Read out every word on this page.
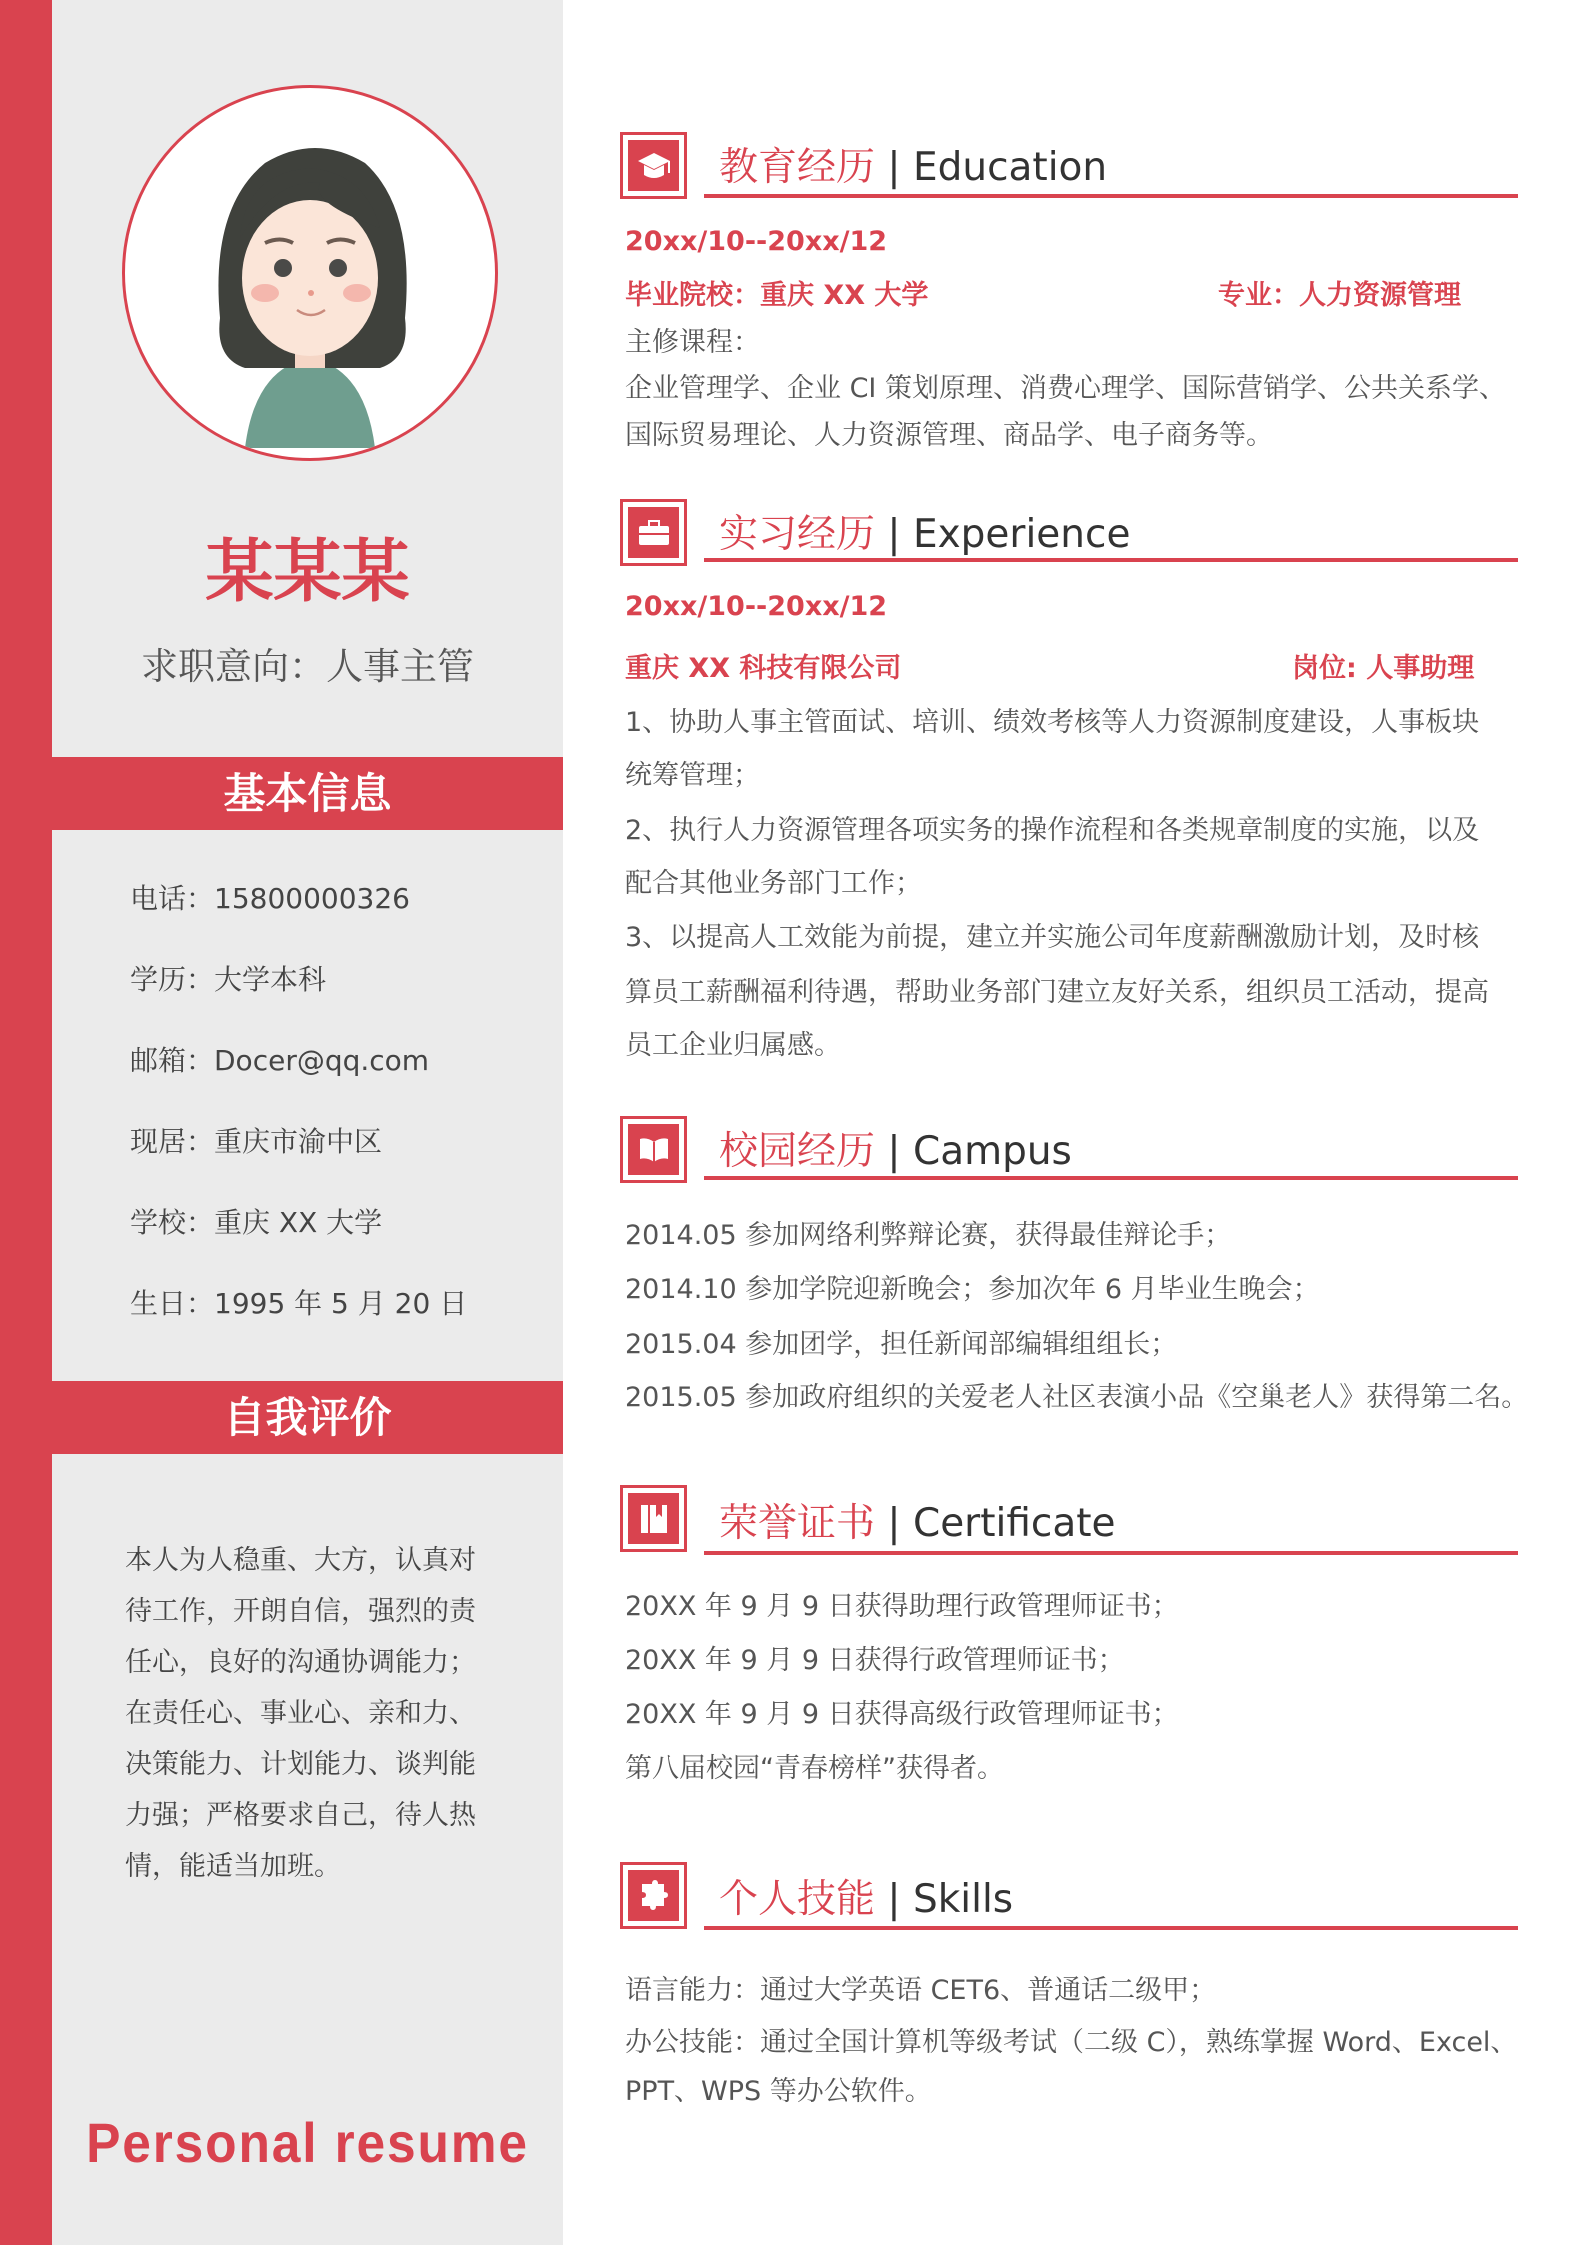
某某某
求职意向：人事主管
基本信息
电话：15800000326
学历：大学本科
邮箱：Docer@qq.com
现居：重庆市渝中区
学校：重庆 XX 大学
生日：1995 年 5 月 20 日
自我评价
本人为人稳重、大方，认真对
待工作，开朗自信，强烈的责
任心，良好的沟通协调能力；
在责任心、事业心、亲和力、
决策能力、计划能力、谈判能
力强；严格要求自己，待人热
情，能适当加班。
Personal resume
教育经历 | Education
20xx/10--20xx/12
毕业院校：重庆 XX 大学	专业：人力资源管理
主修课程：
企业管理学、企业 CI 策划原理、消费心理学、国际营销学、公共关系学、
国际贸易理论、人力资源管理、商品学、电子商务等。
实习经历 | Experience
20xx/10--20xx/12
重庆 XX 科技有限公司	岗位: 人事助理
1、协助人事主管面试、培训、绩效考核等人力资源制度建设，人事板块
统筹管理；
2、执行人力资源管理各项实务的操作流程和各类规章制度的实施，以及
配合其他业务部门工作；
3、以提高人工效能为前提，建立并实施公司年度薪酬激励计划，及时核
算员工薪酬福利待遇，帮助业务部门建立友好关系，组织员工活动，提高
员工企业归属感。
校园经历 | Campus
2014.05 参加网络利弊辩论赛，获得最佳辩论手；
2014.10 参加学院迎新晚会；参加次年 6 月毕业生晚会；
2015.04 参加团学，担任新闻部编辑组组长；
2015.05 参加政府组织的关爱老人社区表演小品《空巢老人》获得第二名。
荣誉证书 | Certificate
20XX 年 9 月 9 日获得助理行政管理师证书；
20XX 年 9 月 9 日获得行政管理师证书；
20XX 年 9 月 9 日获得高级行政管理师证书；
第八届校园“青春榜样”获得者。
个人技能 | Skills
语言能力：通过大学英语 CET6、普通话二级甲；
办公技能：通过全国计算机等级考试（二级 C），熟练掌握 Word、Excel、
PPT、WPS 等办公软件。
